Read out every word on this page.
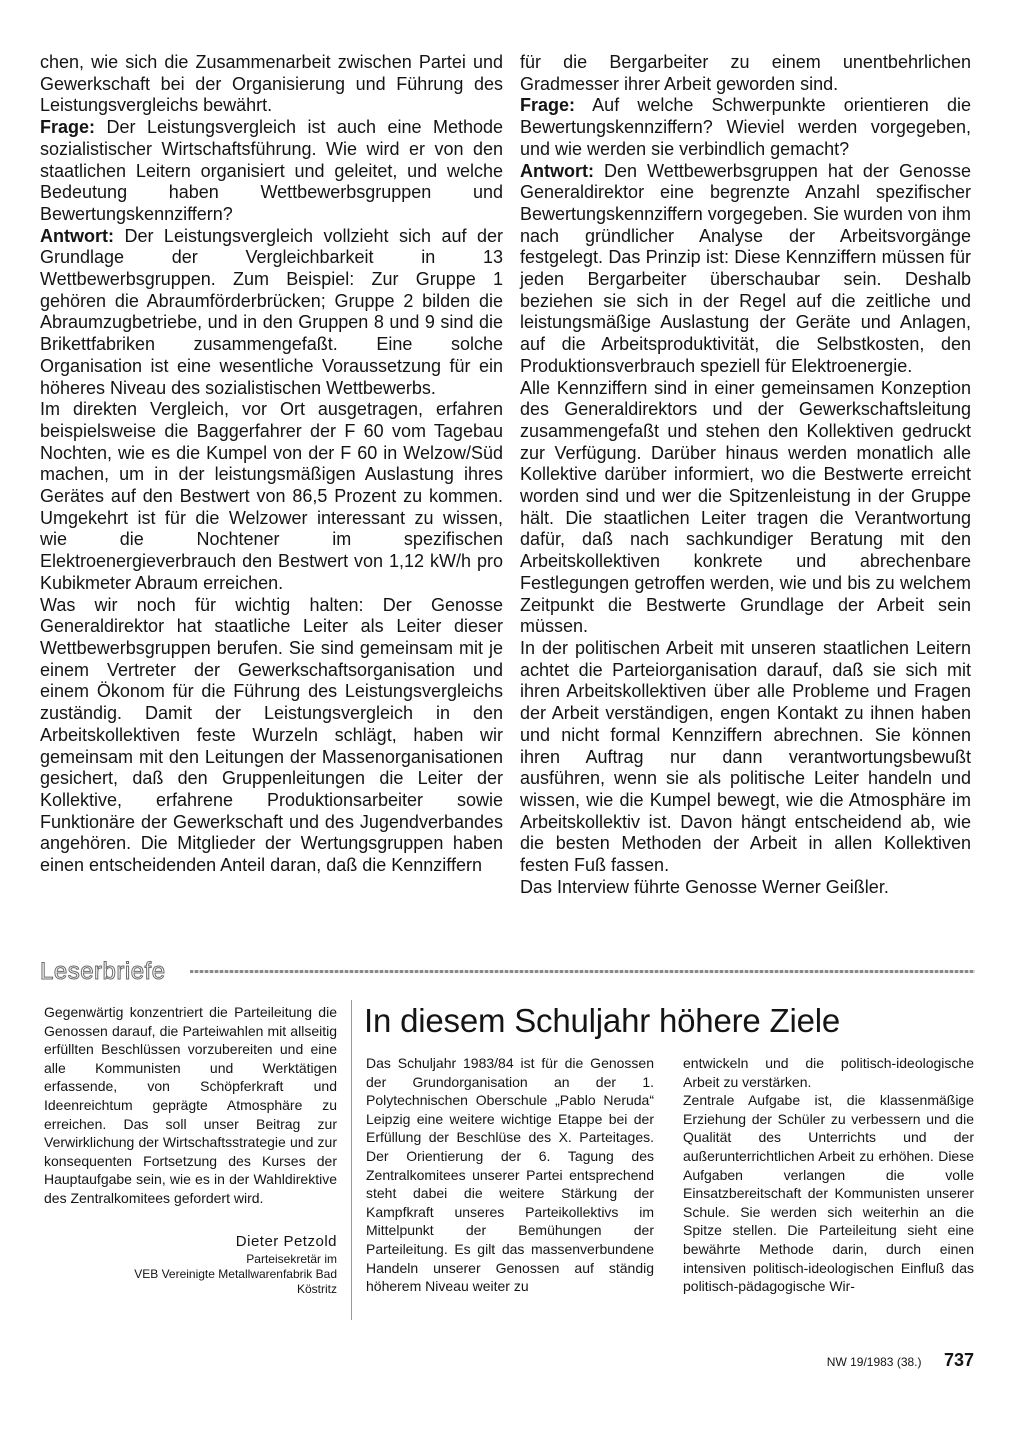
chen, wie sich die Zusammenarbeit zwischen Partei und Gewerkschaft bei der Organisierung und Führung des Leistungsvergleichs bewährt.

Frage: Der Leistungsvergleich ist auch eine Methode sozialistischer Wirtschaftsführung. Wie wird er von den staatlichen Leitern organisiert und geleitet, und welche Bedeutung haben Wettbewerbsgruppen und Bewertungskennziffern?

Antwort: Der Leistungsvergleich vollzieht sich auf der Grundlage der Vergleichbarkeit in 13 Wettbewerbsgruppen. Zum Beispiel: Zur Gruppe 1 gehören die Abraumförderbrücken; Gruppe 2 bilden die Abraumzugbetriebe, und in den Gruppen 8 und 9 sind die Brikettfabriken zusammengefaßt. Eine solche Organisation ist eine wesentliche Voraussetzung für ein höheres Niveau des sozialistischen Wettbewerbs.

Im direkten Vergleich, vor Ort ausgetragen, erfahren beispielsweise die Baggerfahrer der F 60 vom Tagebau Nochten, wie es die Kumpel von der F 60 in Welzow/Süd machen, um in der leistungsmäßigen Auslastung ihres Gerätes auf den Bestwert von 86,5 Prozent zu kommen. Umgekehrt ist für die Welzower interessant zu wissen, wie die Nochtener im spezifischen Elektroenergieverbrauch den Bestwert von 1,12 kW/h pro Kubikmeter Abraum erreichen.

Was wir noch für wichtig halten: Der Genosse Generaldirektor hat staatliche Leiter als Leiter dieser Wettbewerbsgruppen berufen. Sie sind gemeinsam mit je einem Vertreter der Gewerkschaftsorganisation und einem Ökonom für die Führung des Leistungsvergleichs zuständig. Damit der Leistungsvergleich in den Arbeitskollektiven feste Wurzeln schlägt, haben wir gemeinsam mit den Leitungen der Massenorganisationen gesichert, daß den Gruppenleitungen die Leiter der Kollektive, erfahrene Produktionsarbeiter sowie Funktionäre der Gewerkschaft und des Jugendverbandes angehören. Die Mitglieder der Wertungsgruppen haben einen entscheidenden Anteil daran, daß die Kennziffern

für die Bergarbeiter zu einem unentbehrlichen Gradmesser ihrer Arbeit geworden sind.

Frage: Auf welche Schwerpunkte orientieren die Bewertungskennziffern? Wieviel werden vorgegeben, und wie werden sie verbindlich gemacht?

Antwort: Den Wettbewerbsgruppen hat der Genosse Generaldirektor eine begrenzte Anzahl spezifischer Bewertungskennziffern vorgegeben. Sie wurden von ihm nach gründlicher Analyse der Arbeitsvorgänge festgelegt. Das Prinzip ist: Diese Kennziffern müssen für jeden Bergarbeiter überschaubar sein. Deshalb beziehen sie sich in der Regel auf die zeitliche und leistungsmäßige Auslastung der Geräte und Anlagen, auf die Arbeitsproduktivität, die Selbstkosten, den Produktionsverbrauch speziell für Elektroenergie.

Alle Kennziffern sind in einer gemeinsamen Konzeption des Generaldirektors und der Gewerkschaftsleitung zusammengefaßt und stehen den Kollektiven gedruckt zur Verfügung. Darüber hinaus werden monatlich alle Kollektive darüber informiert, wo die Bestwerte erreicht worden sind und wer die Spitzenleistung in der Gruppe hält. Die staatlichen Leiter tragen die Verantwortung dafür, daß nach sachkundiger Beratung mit den Arbeitskollektiven konkrete und abrechenbare Festlegungen getroffen werden, wie und bis zu welchem Zeitpunkt die Bestwerte Grundlage der Arbeit sein müssen.

In der politischen Arbeit mit unseren staatlichen Leitern achtet die Parteiorganisation darauf, daß sie sich mit ihren Arbeitskollektiven über alle Probleme und Fragen der Arbeit verständigen, engen Kontakt zu ihnen haben und nicht formal Kennziffern abrechnen. Sie können ihren Auftrag nur dann verantwortungsbewußt ausführen, wenn sie als politische Leiter handeln und wissen, wie die Kumpel bewegt, wie die Atmosphäre im Arbeitskollektiv ist. Davon hängt entscheidend ab, wie die besten Methoden der Arbeit in allen Kollektiven festen Fuß fassen.

Das Interview führte Genosse Werner Geißler.

Leserbriefe

Gegenwärtig konzentriert die Parteileitung die Genossen darauf, die Parteiwahlen mit allseitig erfüllten Beschlüssen vorzubereiten und eine alle Kommunisten und Werktätigen erfassende, von Schöpferkraft und Ideenreichtum geprägte Atmosphäre zu erreichen. Das soll unser Beitrag zur Verwirklichung der Wirtschaftsstrategie und zur konsequenten Fortsetzung des Kurses der Hauptaufgabe sein, wie es in der Wahldirektive des Zentralkomitees gefordert wird.

Dieter Petzold
Parteisekretär im
VEB Vereinigte Metallwarenfabrik Bad
Köstritz
In diesem Schuljahr höhere Ziele

Das Schuljahr 1983/84 ist für die Genossen der Grundorganisation an der 1. Polytechnischen Oberschule „Pablo Neruda“ Leipzig eine weitere wichtige Etappe bei der Erfüllung der Beschlüse des X. Parteitages. Der Orientierung der 6. Tagung des Zentralkomitees unserer Partei entsprechend steht dabei die weitere Stärkung der Kampfkraft unseres Parteikollektivs im Mittelpunkt der Bemühungen der Parteileitung. Es gilt das massenverbundene Handeln unserer Genossen auf ständig höherem Niveau weiter zu

entwickeln und die politisch-ideologische Arbeit zu verstärken.

Zentrale Aufgabe ist, die klassenmäßige Erziehung der Schüler zu verbessern und die Qualität des Unterrichts und der außerunterrichtlichen Arbeit zu erhöhen. Diese Aufgaben verlangen die volle Einsatzbereitschaft der Kommunisten unserer Schule. Sie werden sich weiterhin an die Spitze stellen. Die Parteileitung sieht eine bewährte Methode darin, durch einen intensiven politisch-ideologischen Einfluß das politisch-pädagogische Wir-

NW 19/1983 (38.) 737
